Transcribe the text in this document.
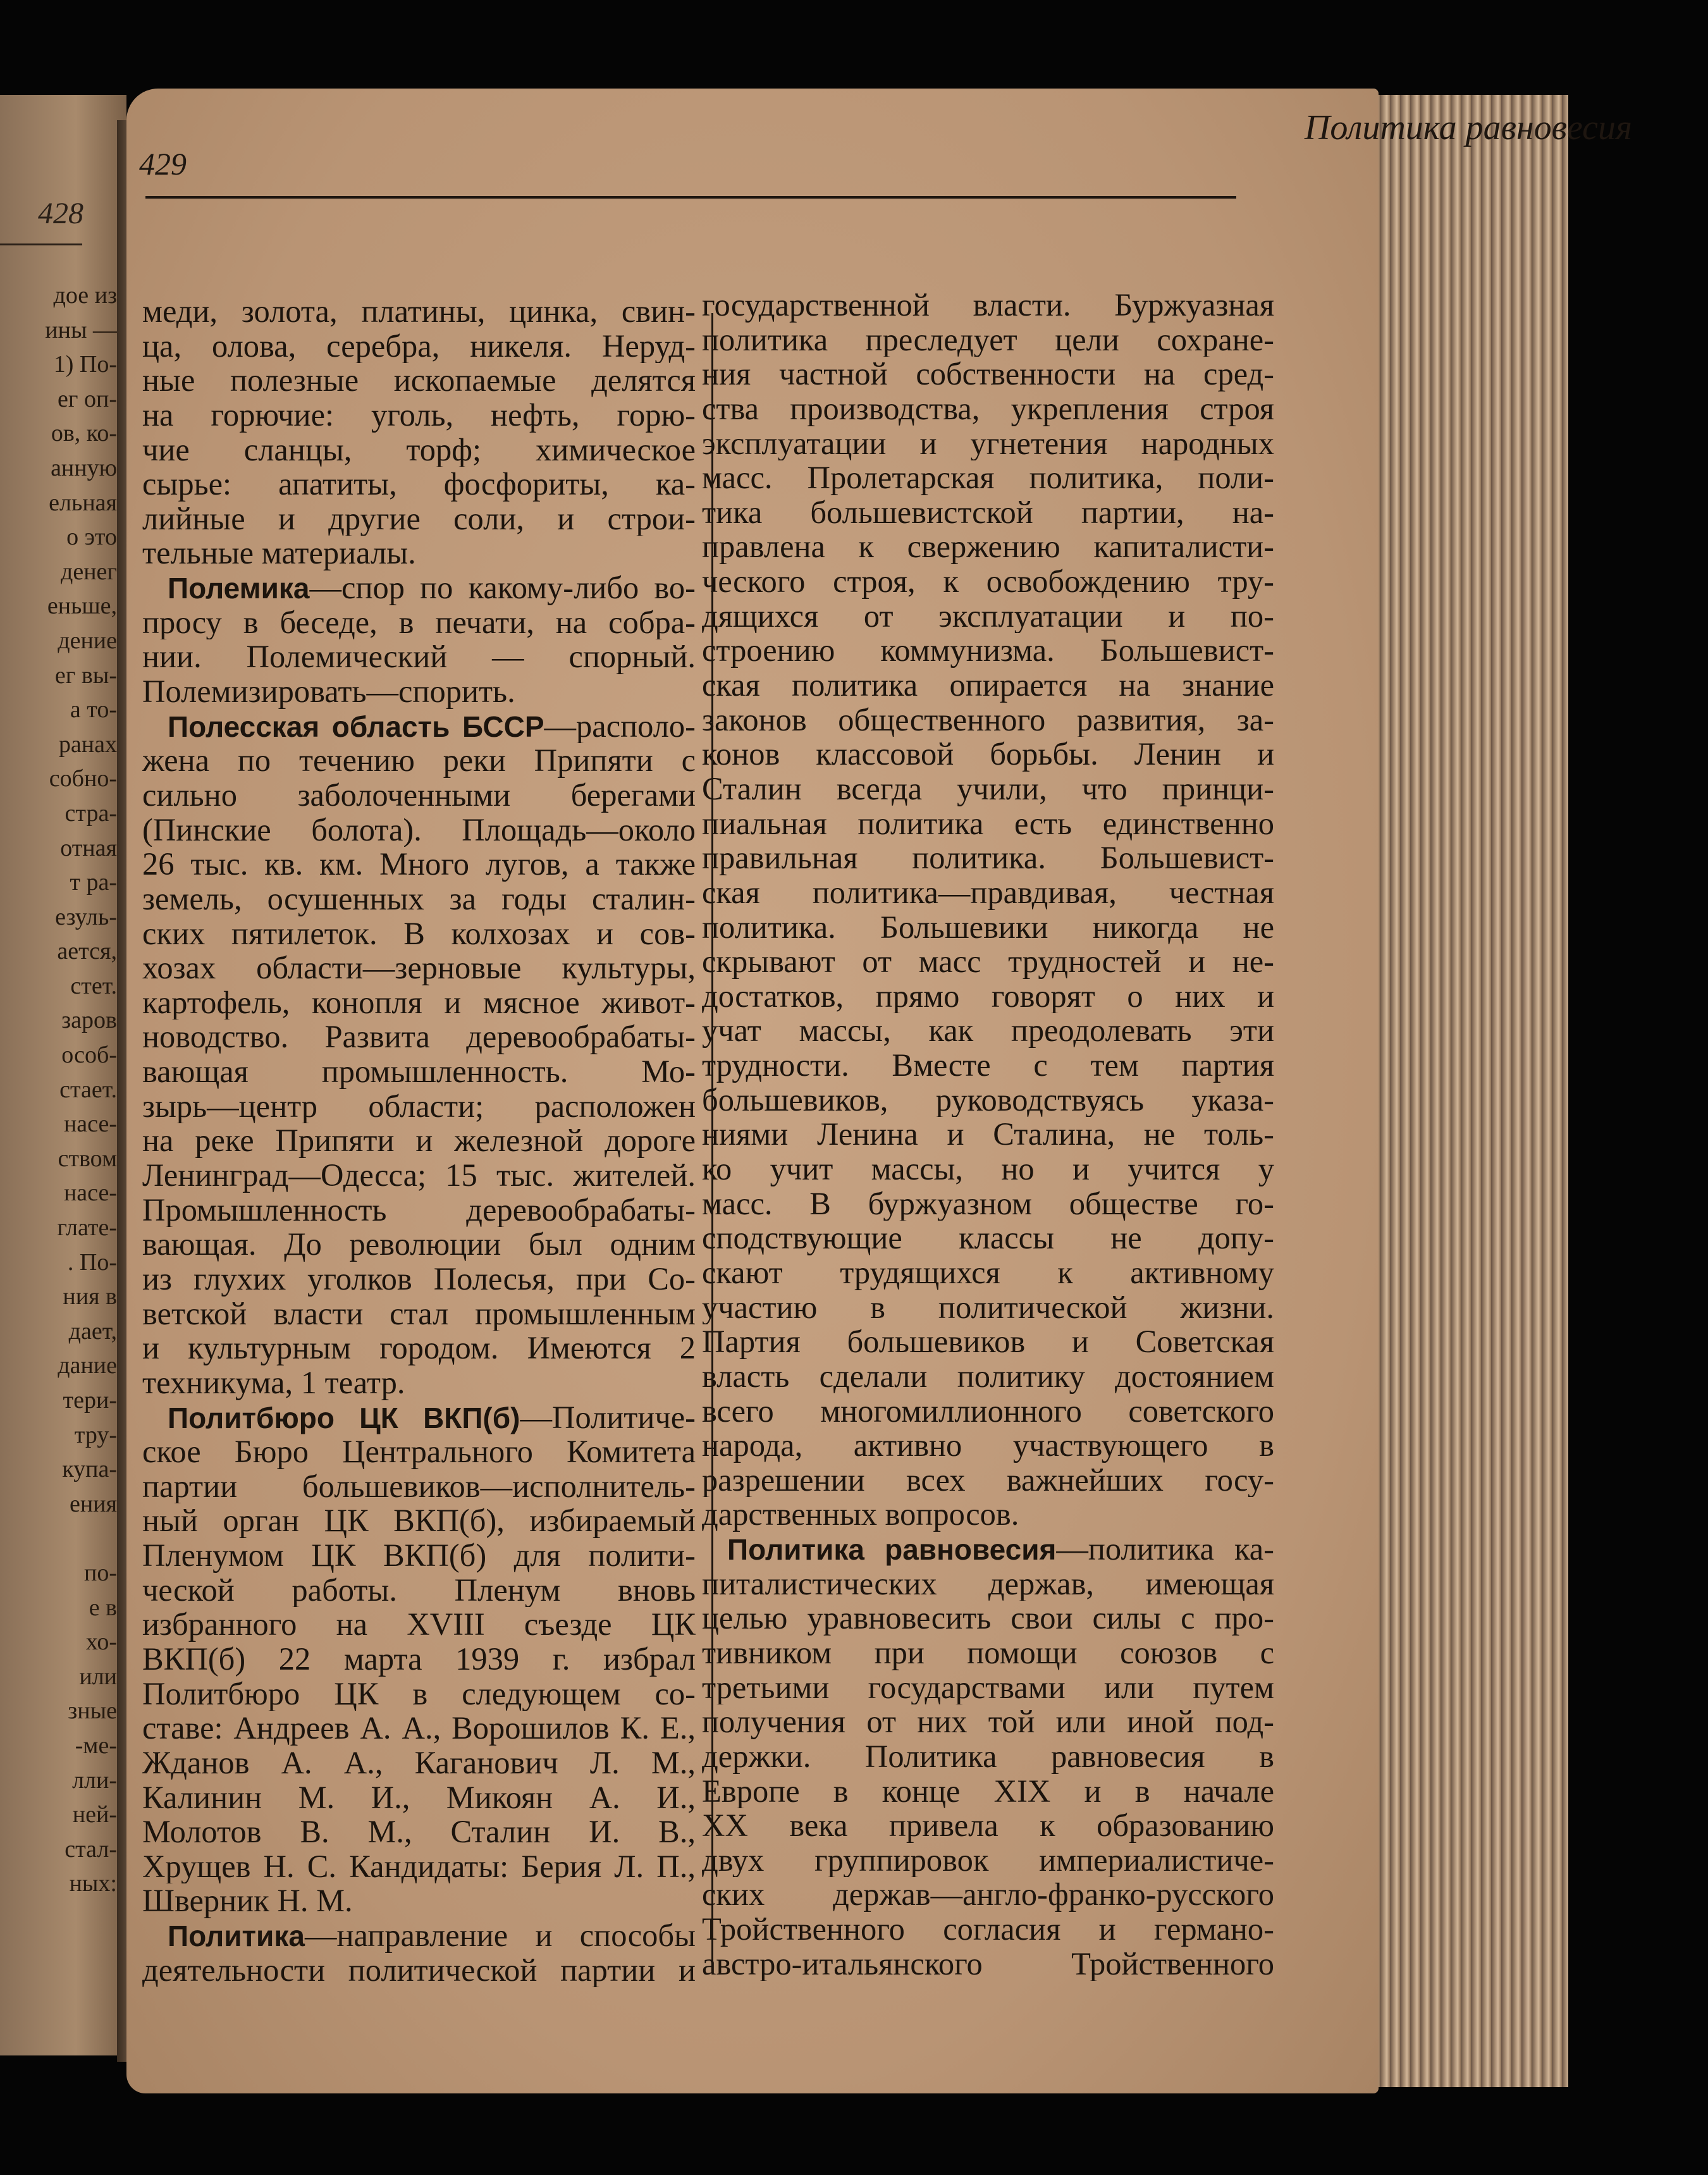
428
дое из
ины —
1) По-
ег оп-
ов, ко-
анную
ельная
о это
денег
еньше,
дение
ег вы-
а то-
ранах
собно-
стра-
отная
т ра-
езуль-
ается,
стет.
заров
особ-
стает.
насе-
ством
насе-
глате-
. По-
ния в
дает,
дание
тери-
тру-
купа-
ения

по-
е в
хо-
или
зные
-ме-
лли-
ней-
стал-
ных:
429
Политика равновесия
меди, золота, платины, цинка, свин-
ца, олова, серебра, никеля. Неруд-
ные полезные ископаемые делятся
на горючие: уголь, нефть, горю-
чие сланцы, торф; химическое
сырье: апатиты, фосфориты, ка-
лийные и другие соли, и строи-
тельные материалы.
Полемика—спор по какому-либо во-
просу в беседе, в печати, на собра-
нии. Полемический — спорный.
Полемизировать—спорить.
Полесская область БССР—располо-
жена по течению реки Припяти с
сильно заболоченными берегами
(Пинские болота). Площадь—около
26 тыс. кв. км. Много лугов, а также
земель, осушенных за годы сталин-
ских пятилеток. В колхозах и сов-
хозах области—зерновые культуры,
картофель, конопля и мясное живот-
новодство. Развита деревообрабаты-
вающая промышленность. Мо-
зырь—центр области; расположен
на реке Припяти и железной дороге
Ленинград—Одесса; 15 тыс. жителей.
Промышленность деревообрабаты-
вающая. До революции был одним
из глухих уголков Полесья, при Со-
ветской власти стал промышленным
и культурным городом. Имеются 2
техникума, 1 театр.
Политбюро ЦК ВКП(б)—Политиче-
ское Бюро Центрального Комитета
партии большевиков—исполнитель-
ный орган ЦК ВКП(б), избираемый
Пленумом ЦК ВКП(б) для полити-
ческой работы. Пленум вновь
избранного на XVIII съезде ЦК
ВКП(б) 22 марта 1939 г. избрал
Политбюро ЦК в следующем со-
ставе: Андреев А. А., Ворошилов К. Е.,
Жданов А. А., Каганович Л. М.,
Калинин М. И., Микоян А. И.,
Молотов В. М., Сталин И. В.,
Хрущев Н. С. Кандидаты: Берия Л. П.,
Шверник Н. М.
Политика—направление и способы
деятельности политической партии и
государственной власти. Буржуазная
политика преследует цели сохране-
ния частной собственности на сред-
ства производства, укрепления строя
эксплуатации и угнетения народных
масс. Пролетарская политика, поли-
тика большевистской партии, на-
правлена к свержению капиталисти-
ческого строя, к освобождению тру-
дящихся от эксплуатации и по-
строению коммунизма. Большевист-
ская политика опирается на знание
законов общественного развития, за-
конов классовой борьбы. Ленин и
Сталин всегда учили, что принци-
пиальная политика есть единственно
правильная политика. Большевист-
ская политика—правдивая, честная
политика. Большевики никогда не
скрывают от масс трудностей и не-
достатков, прямо говорят о них и
учат массы, как преодолевать эти
трудности. Вместе с тем партия
большевиков, руководствуясь указа-
ниями Ленина и Сталина, не толь-
ко учит массы, но и учится у
масс. В буржуазном обществе го-
сподствующие классы не допу-
скают трудящихся к активному
участию в политической жизни.
Партия большевиков и Советская
власть сделали политику достоянием
всего многомиллионного советского
народа, активно участвующего в
разрешении всех важнейших госу-
дарственных вопросов.
Политика равновесия—политика ка-
питалистических держав, имеющая
целью уравновесить свои силы с про-
тивником при помощи союзов с
третьими государствами или путем
получения от них той или иной под-
держки. Политика равновесия в
Европе в конце XIX и в начале
XX века привела к образованию
двух группировок империалистиче-
ских держав—англо-франко-русского
Тройственного согласия и германо-
австро-итальянского Тройственного
